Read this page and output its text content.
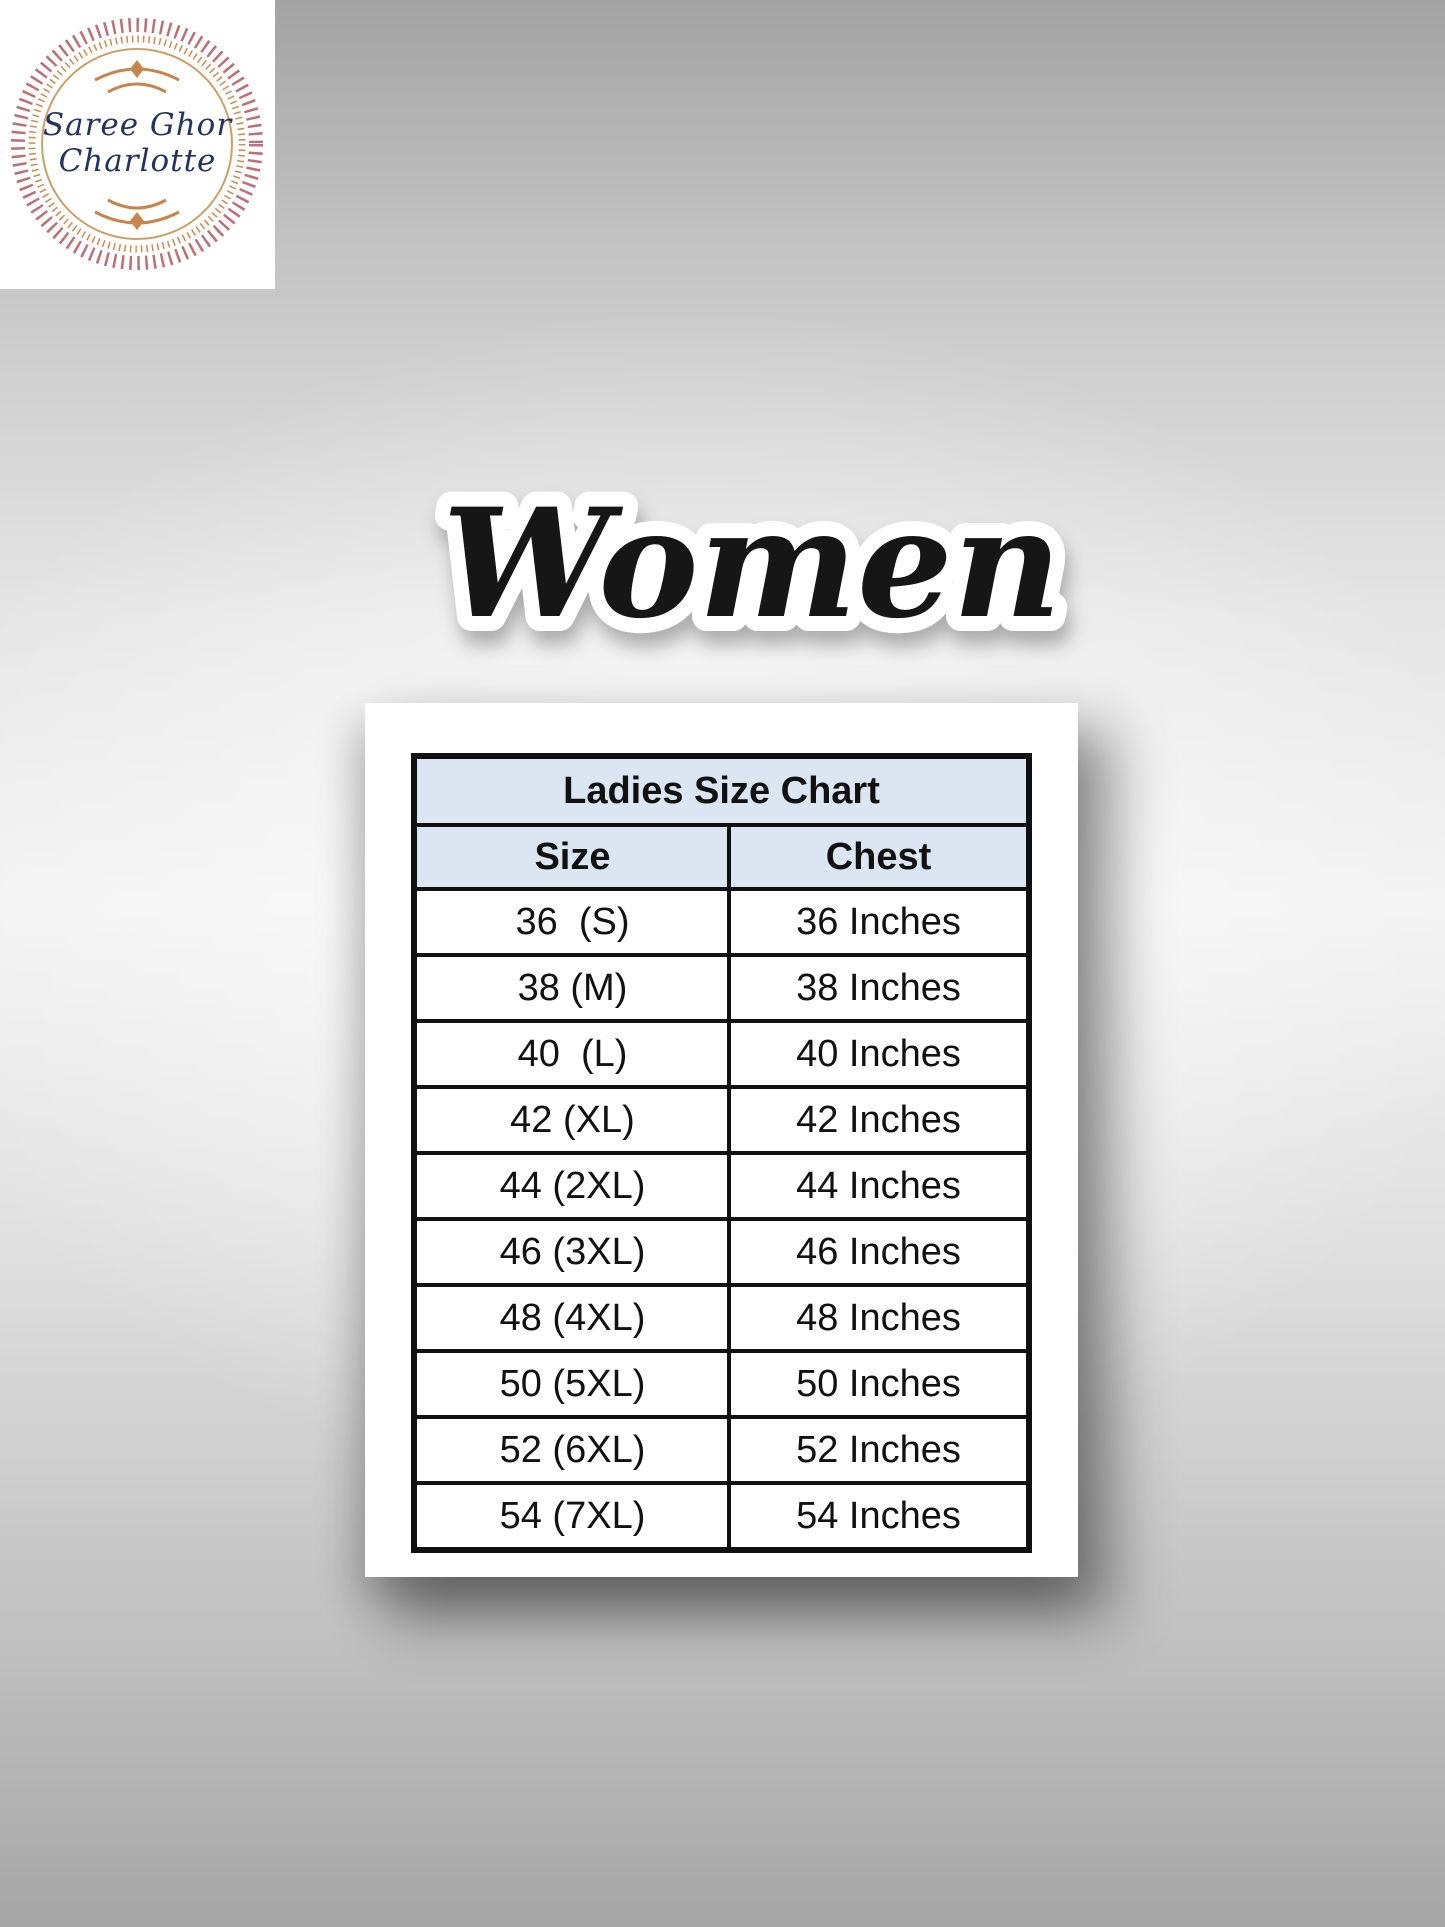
Saree Ghor
Charlotte
Women
Ladies Size Chart	
Size	Chest
36  (S)	36 Inches
38 (M)	38 Inches
40  (L)	40 Inches
42 (XL)	42 Inches
44 (2XL)	44 Inches
46 (3XL)	46 Inches
48 (4XL)	48 Inches
50 (5XL)	50 Inches
52 (6XL)	52 Inches
54 (7XL)	54 Inches
